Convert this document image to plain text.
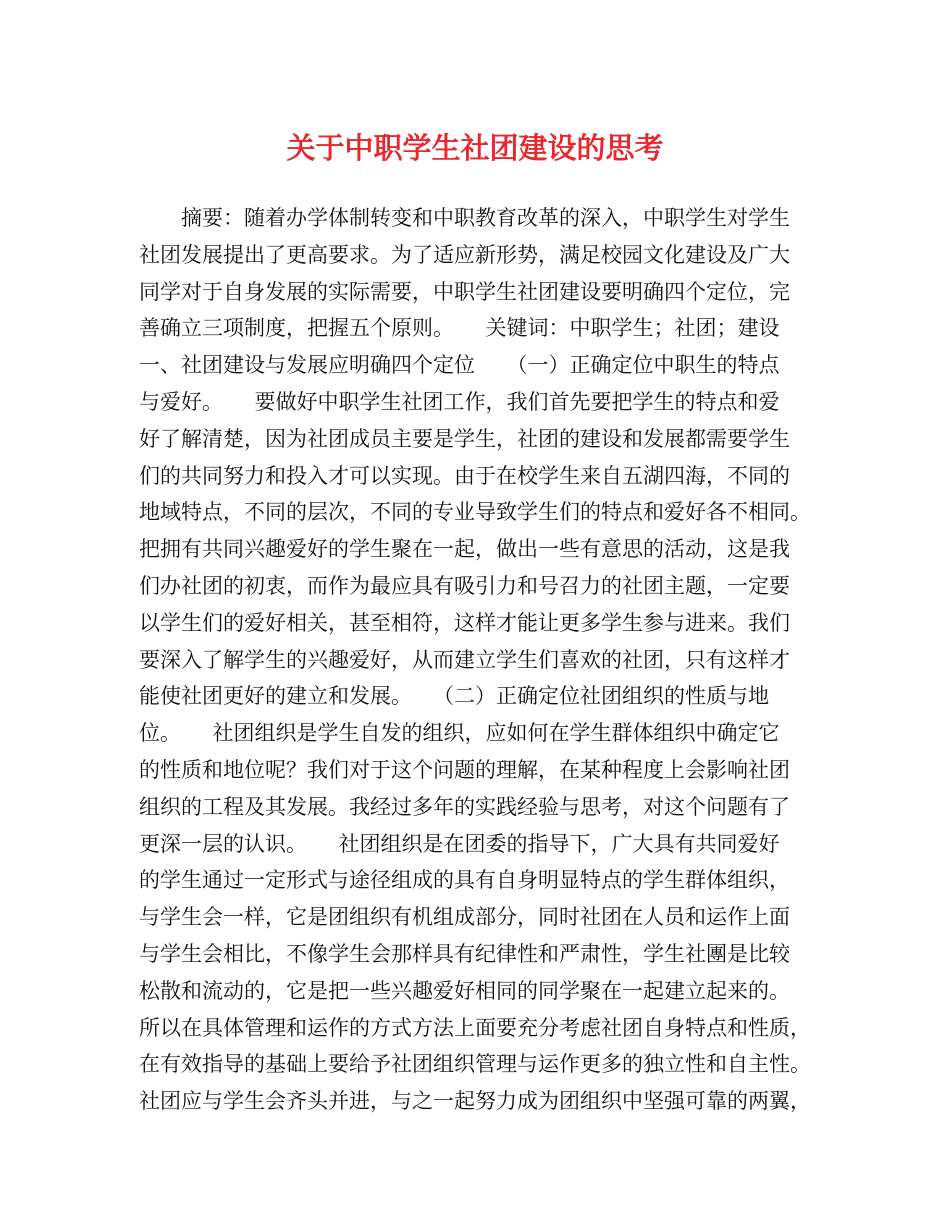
关于中职学生社团建设的思考
　　摘要：随着办学体制转变和中职教育改革的深入，中职学生对学生
社团发展提出了更高要求。为了适应新形势，满足校园文化建设及广大
同学对于自身发展的实际需要，中职学生社团建设要明确四个定位，完
善确立三项制度，把握五个原则。　　关键词：中职学生；社团；建设
一、社团建设与发展应明确四个定位　　（一）正确定位中职生的特点
与爱好。　　要做好中职学生社团工作，我们首先要把学生的特点和爱
好了解清楚，因为社团成员主要是学生，社团的建设和发展都需要学生
们的共同努力和投入才可以实现。由于在校学生来自五湖四海，不同的
地域特点，不同的层次，不同的专业导致学生们的特点和爱好各不相同。
把拥有共同兴趣爱好的学生聚在一起，做出一些有意思的活动，这是我
们办社团的初衷，而作为最应具有吸引力和号召力的社团主题，一定要
以学生们的爱好相关，甚至相符，这样才能让更多学生参与进来。我们
要深入了解学生的兴趣爱好，从而建立学生们喜欢的社团，只有这样才
能使社团更好的建立和发展。　　（二）正确定位社团组织的性质与地
位。　　社团组织是学生自发的组织，应如何在学生群体组织中确定它
的性质和地位呢？我们对于这个问题的理解，在某种程度上会影响社团
组织的工程及其发展。我经过多年的实践经验与思考，对这个问题有了
更深一层的认识。　　社团组织是在团委的指导下，广大具有共同爱好
的学生通过一定形式与途径组成的具有自身明显特点的学生群体组织，
与学生会一样，它是团组织有机组成部分，同时社团在人员和运作上面
与学生会相比，不像学生会那样具有纪律性和严肃性，学生社團是比较
松散和流动的，它是把一些兴趣爱好相同的同学聚在一起建立起来的。
所以在具体管理和运作的方式方法上面要充分考虑社团自身特点和性质，
在有效指导的基础上要给予社团组织管理与运作更多的独立性和自主性。
社团应与学生会齐头并进，与之一起努力成为团组织中坚强可靠的两翼，
